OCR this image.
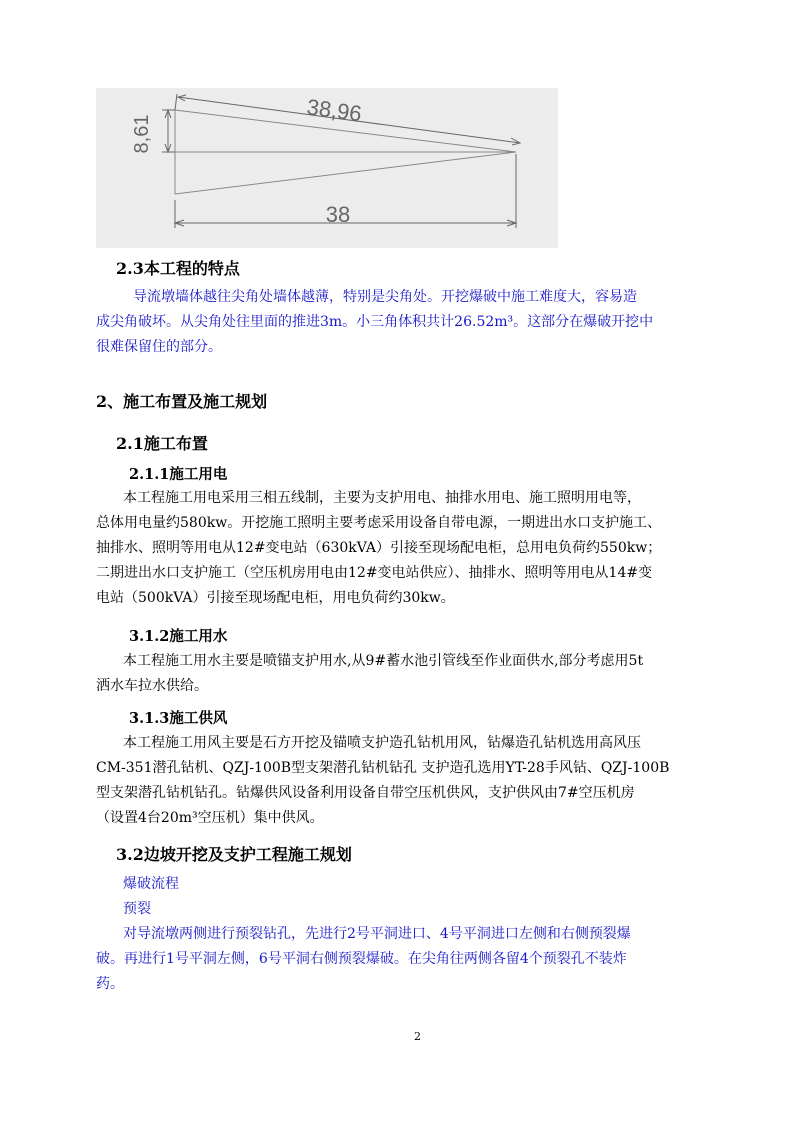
38,96
8,61
38
2.3本工程的特点
导流墩墙体越往尖角处墙体越薄，特别是尖角处。开挖爆破中施工难度大，容易造
成尖角破坏。从尖角处往里面的推进3m。小三角体积共计26.52m³。这部分在爆破开挖中
很难保留住的部分。
2、施工布置及施工规划
2.1施工布置
2.1.1施工用电
本工程施工用电采用三相五线制，主要为支护用电、抽排水用电、施工照明用电等，
总体用电量约580kw。开挖施工照明主要考虑采用设备自带电源，一期进出水口支护施工、
抽排水、照明等用电从12#变电站（630kVA）引接至现场配电柜，总用电负荷约550kw；
二期进出水口支护施工（空压机房用电由12#变电站供应）、抽排水、照明等用电从14#变
电站（500kVA）引接至现场配电柜，用电负荷约30kw。
3.1.2施工用水
本工程施工用水主要是喷锚支护用水,从9#蓄水池引管线至作业面供水,部分考虑用5t
洒水车拉水供给。
3.1.3施工供风
本工程施工用风主要是石方开挖及锚喷支护造孔钻机用风，钻爆造孔钻机选用高风压
CM-351潜孔钻机、QZJ-100B型支架潜孔钻机钻孔 支护造孔选用YT-28手风钻、QZJ-100B
型支架潜孔钻机钻孔。钻爆供风设备利用设备自带空压机供风，支护供风由7#空压机房
（设置4台20m³空压机）集中供风。
3.2边坡开挖及支护工程施工规划
爆破流程
预裂
对导流墩两侧进行预裂钻孔，先进行2号平洞进口、4号平洞进口左侧和右侧预裂爆
破。再进行1号平洞左侧，6号平洞右侧预裂爆破。在尖角往两侧各留4个预裂孔不装炸
药。
2
